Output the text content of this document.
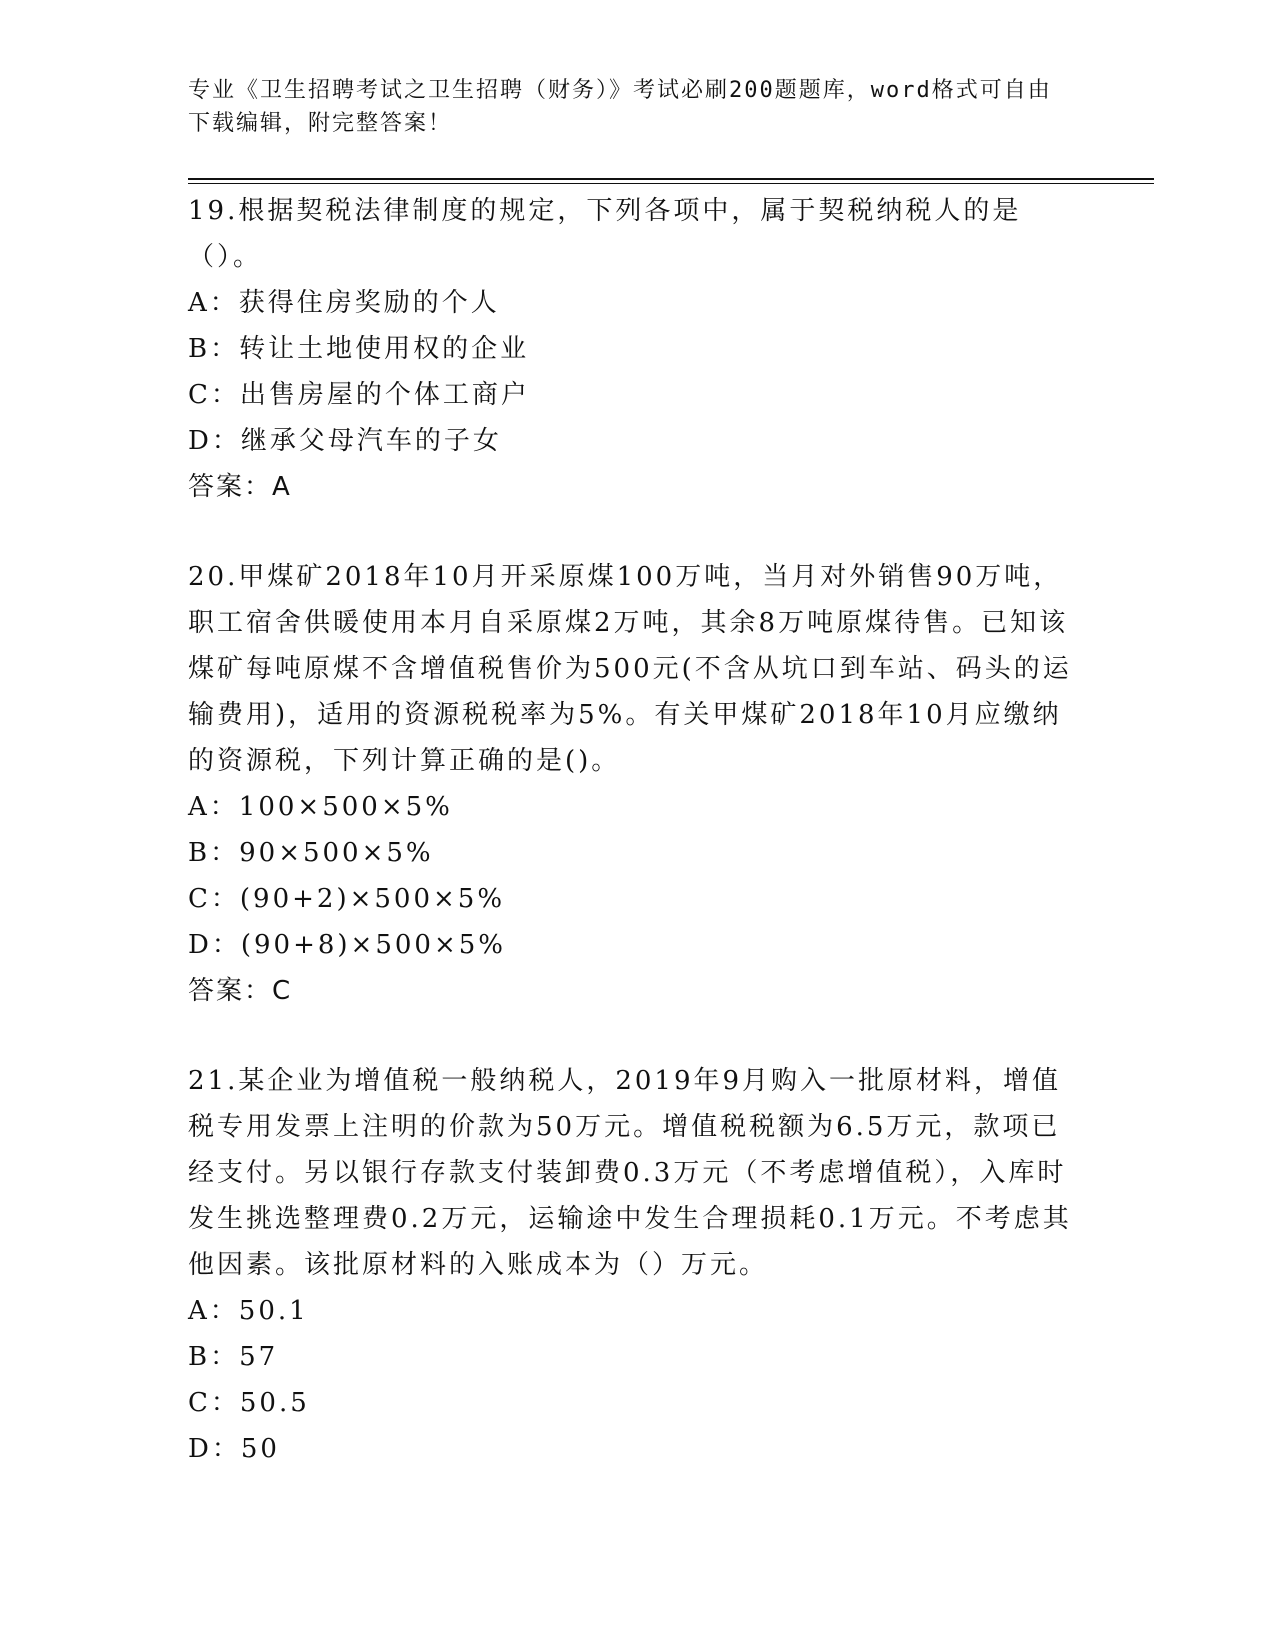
专业《卫生招聘考试之卫生招聘（财务）》考试必刷200题题库，word格式可自由下载编辑，附完整答案！

19.根据契税法律制度的规定，下列各项中，属于契税纳税人的是（）。

A：获得住房奖励的个人
B：转让土地使用权的企业
C：出售房屋的个体工商户
D：继承父母汽车的子女

答案：A

20.甲煤矿2018年10月开采原煤100万吨，当月对外销售90万吨，职工宿舍供暖使用本月自采原煤2万吨，其余8万吨原煤待售。已知该煤矿每吨原煤不含增值税售价为500元(不含从坑口到车站、码头的运输费用)，适用的资源税税率为5%。有关甲煤矿2018年10月应缴纳的资源税，下列计算正确的是()。

A：100×500×5%
B：90×500×5%
C：(90+2)×500×5%
D：(90+8)×500×5%

答案：C

21.某企业为增值税一般纳税人，2019年9月购入一批原材料，增值税专用发票上注明的价款为50万元。增值税税额为6.5万元，款项已经支付。另以银行存款支付装卸费0.3万元（不考虑增值税），入库时发生挑选整理费0.2万元，运输途中发生合理损耗0.1万元。不考虑其他因素。该批原材料的入账成本为（）万元。

A：50.1
B：57
C：50.5
D：50
